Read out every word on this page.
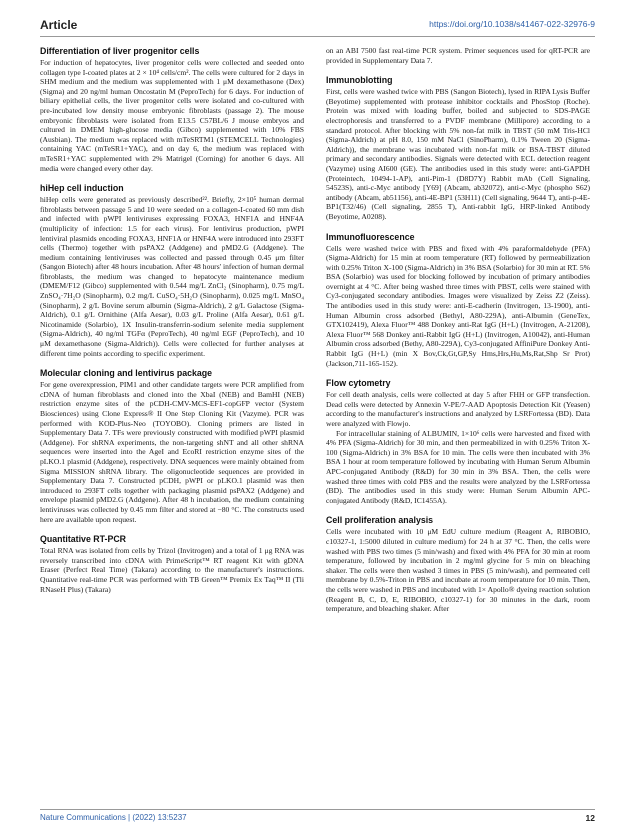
Article	https://doi.org/10.1038/s41467-022-32976-9
Differentiation of liver progenitor cells

For induction of hepatocytes, liver progenitor cells were collected and seeded onto collagen type I-coated plates at 2 × 10⁴ cells/cm². The cells were cultured for 2 days in SHM medium and the medium was supplemented with 1 μM dexamethasone (Dex) (Sigma) and 20 ng/ml human Oncostatin M (PeproTech) for 6 days. For induction of biliary epithelial cells, the liver progenitor cells were isolated and co-cultured with pre-incubated low density mouse embryonic fibroblasts (passage 2). The mouse embryonic fibroblasts were isolated from E13.5 C57BL/6 J mouse embryos and cultured in DMEM high-glucose media (Gibco) supplemented with 10% FBS (Ausbian). The medium was replaced with mTeSRTM1 (STEMCELL Technologies) containing YAC (mTeSR1+YAC), and on day 6, the medium was replaced with mTeSR1+YAC supplemented with 2% Matrigel (Corning) for another 6 days. All media were changed every other day.

hiHep cell induction

hiHep cells were generated as previously described²². Briefly, 2×10⁵ human dermal fibroblasts between passage 5 and 10 were seeded on a collagen-I-coated 60 mm dish and infected with pWPI lentiviruses expressing FOXA3, HNF1A and HNF4A (multiplicity of infection: 1.5 for each virus). For lentivirus production, pWPI lentiviral plasmids encoding FOXA3, HNF1A or HNF4A were introduced into 293FT cells (Thermo) together with psPAX2 (Addgene) and pMD2.G (Addgene). The medium containing lentiviruses was collected and passed through 0.45 μm filter (Sangon Biotech) after 48 hours incubation. After 48 hours' infection of human dermal fibroblasts, the medium was changed to hepatocyte maintenance medium (DMEM/F12 (Gibco) supplemented with 0.544 mg/L ZnCl₂ (Sinopharm), 0.75 mg/L ZnSO₄·7H₂O (Sinopharm), 0.2 mg/L CuSO₄·5H₂O (Sinopharm), 0.025 mg/L MnSO₄ (Sinopharm), 2 g/L Bovine serum albumin (Sigma-Aldrich), 2 g/L Galactose (Sigma-Aldrich), 0.1 g/L Ornithine (Alfa Aesar), 0.03 g/L Proline (Alfa Aesar), 0.61 g/L Nicotinamide (Solarbio), 1X Insulin-transferrin-sodium selenite media supplement (Sigma-Aldrich), 40 ng/ml TGFα (PeproTech), 40 ng/ml EGF (PeproTech), and 10 μM dexamethasone (Sigma-Aldrich)). Cells were collected for further analyses at different time points according to specific experiment.

Molecular cloning and lentivirus package

For gene overexpression, PIM1 and other candidate targets were PCR amplified from cDNA of human fibroblasts and cloned into the XbaI (NEB) and BamHI (NEB) restriction enzyme sites of the pCDH-CMV-MCS-EF1-copGFP vector (System Biosciences) using Clone Express® II One Step Cloning Kit (Vazyme). PCR was performed with KOD-Plus-Neo (TOYOBO). Cloning primers are listed in Supplementary Data 7. TFs were previously constructed with modified pWPI plasmid (Addgene). For shRNA experiments, the non-targeting shNT and all other shRNA sequences were inserted into the AgeI and EcoRI restriction enzyme sites of the pLKO.1 plasmid (Addgene), respectively. DNA sequences were mainly obtained from Sigma MISSION shRNA library. The oligonucleotide sequences are provided in Supplementary Data 7. Constructed pCDH, pWPI or pLKO.1 plasmid was then introduced to 293FT cells together with packaging plasmid psPAX2 (Addgene) and envelope plasmid pMD2.G (Addgene). After 48 h incubation, the medium containing lentiviruses was collected by 0.45 mm filter and stored at −80 °C. The constructs used here are available upon request.

Quantitative RT-PCR

Total RNA was isolated from cells by Trizol (Invitrogen) and a total of 1 μg RNA was reversely transcribed into cDNA with PrimeScript™ RT reagent Kit with gDNA Eraser (Perfect Real Time) (Takara) according to the manufacturer's instructions. Quantitative real-time PCR was performed with TB Green™ Premix Ex Taq™ II (Tli RNaseH Plus) (Takara)

on an ABI 7500 fast real-time PCR system. Primer sequences used for qRT-PCR are provided in Supplementary Data 7.

Immunoblotting

First, cells were washed twice with PBS (Sangon Biotech), lysed in RIPA Lysis Buffer (Beyotime) supplemented with protease inhibitor cocktails and PhosStop (Roche). Protein was mixed with loading buffer, boiled and subjected to SDS-PAGE electrophoresis and transferred to a PVDF membrane (Millipore) according to a standard protocol. After blocking with 5% non-fat milk in TBST (50 mM Tris-HCl (Sigma-Aldrich) at pH 8.0, 150 mM NaCl (SinoPharm), 0.1% Tween 20 (Sigma-Aldrich)), the membrane was incubated with non-fat milk or BSA-TBST diluted primary and secondary antibodies. Signals were detected with ECL detection reagent (Vazyme) using AI600 (GE). The antibodies used in this study were: anti-GAPDH (Proteintech, 10494-1-AP), anti-Pim-1 (D8D7Y) Rabbit mAb (Cell Signaling, 54523S), anti-c-Myc antibody [Y69] (Abcam, ab32072), anti-c-Myc (phospho S62) antibody (Abcam, ab51156), anti-4E-BP1 (53H11) (Cell signaling, 9644 T), anti-p-4E-BP1(T32/46) (Cell signaling, 2855 T), Anti-rabbit IgG, HRP-linked Antibody (Beyotime, A0208).

Immunofluorescence

Cells were washed twice with PBS and fixed with 4% paraformaldehyde (PFA) (Sigma-Aldrich) for 15 min at room temperature (RT) followed by permeabilization with 0.25% Triton X-100 (Sigma-Aldrich) in 3% BSA (Solarbio) for 30 min at RT. 5% BSA (Solarbio) was used for blocking followed by incubation of primary antibodies overnight at 4 °C. After being washed three times with PBST, cells were stained with Cy3-conjugated secondary antibodies. Images were visualized by Zeiss Z2 (Zeiss). The antibodies used in this study were: anti-E-cadherin (Invitrogen, 13-1900), anti-Human Albumin cross adsorbed (Bethyl, A80-229A), anti-Albumin (GeneTex, GTX102419), Alexa Fluor™ 488 Donkey anti-Rat IgG (H+L) (Invitrogen, A-21208), Alexa Fluor™ 568 Donkey anti-Rabbit IgG (H+L) (Invitrogen, A10042), anti-Human Albumin cross adsorbed (Bethy, A80-229A), Cy3-conjugated AffiniPure Donkey Anti-Rabbit IgG (H+L) (min X Bov,Ck,Gt,GP,Sy Hms,Hrs,Hu,Ms,Rat,Shp Sr Prot) (Jackson,711-165-152).

Flow cytometry

For cell death analysis, cells were collected at day 5 after FHH or GFP transfection. Dead cells were detected by Annexin V-PE/7-AAD Apoptosis Detection Kit (Yeasen) according to the manufacturer's instructions and analyzed by LSRFortessa (BD). Data were analyzed with Flowjo.

For intracellular staining of ALBUMIN, 1×10⁶ cells were harvested and fixed with 4% PFA (Sigma-Aldrich) for 30 min, and then permeabilized in with 0.25% Triton X-100 (Sigma-Aldrich) in 3% BSA for 10 min. The cells were then incubated with 3% BSA 1 hour at room temperature followed by incubating with Human Serum Albumin APC-conjugated Antibody (R&D) for 30 min in 3% BSA. Then, the cells were washed three times with cold PBS and the results were analyzed by the LSRFortessa (BD). The antibodies used in this study were: Human Serum Albumin APC-conjugated Antibody (R&D, IC1455A).

Cell proliferation analysis

Cells were incubated with 10 μM EdU culture medium (Reagent A, RIBOBIO, c10327-1, 1:5000 diluted in culture medium) for 24 h at 37 °C. Then, the cells were washed with PBS two times (5 min/wash) and fixed with 4% PFA for 30 min at room temperature, followed by incubation in 2 mg/ml glycine for 5 min on bleaching shaker. The cells were then washed 3 times in PBS (5 min/wash), and permeated cell membrane by 0.5%-Triton in PBS and incubate at room temperature for 10 min. Then, the cells were washed in PBS and incubated with 1× Apollo® dyeing reaction solution (Reagent B, C, D, E, RIBOBIO, c10327-1) for 30 minutes in the dark, room temperature, and bleaching shaker. After

Nature Communications | (2022) 13:5237	12
